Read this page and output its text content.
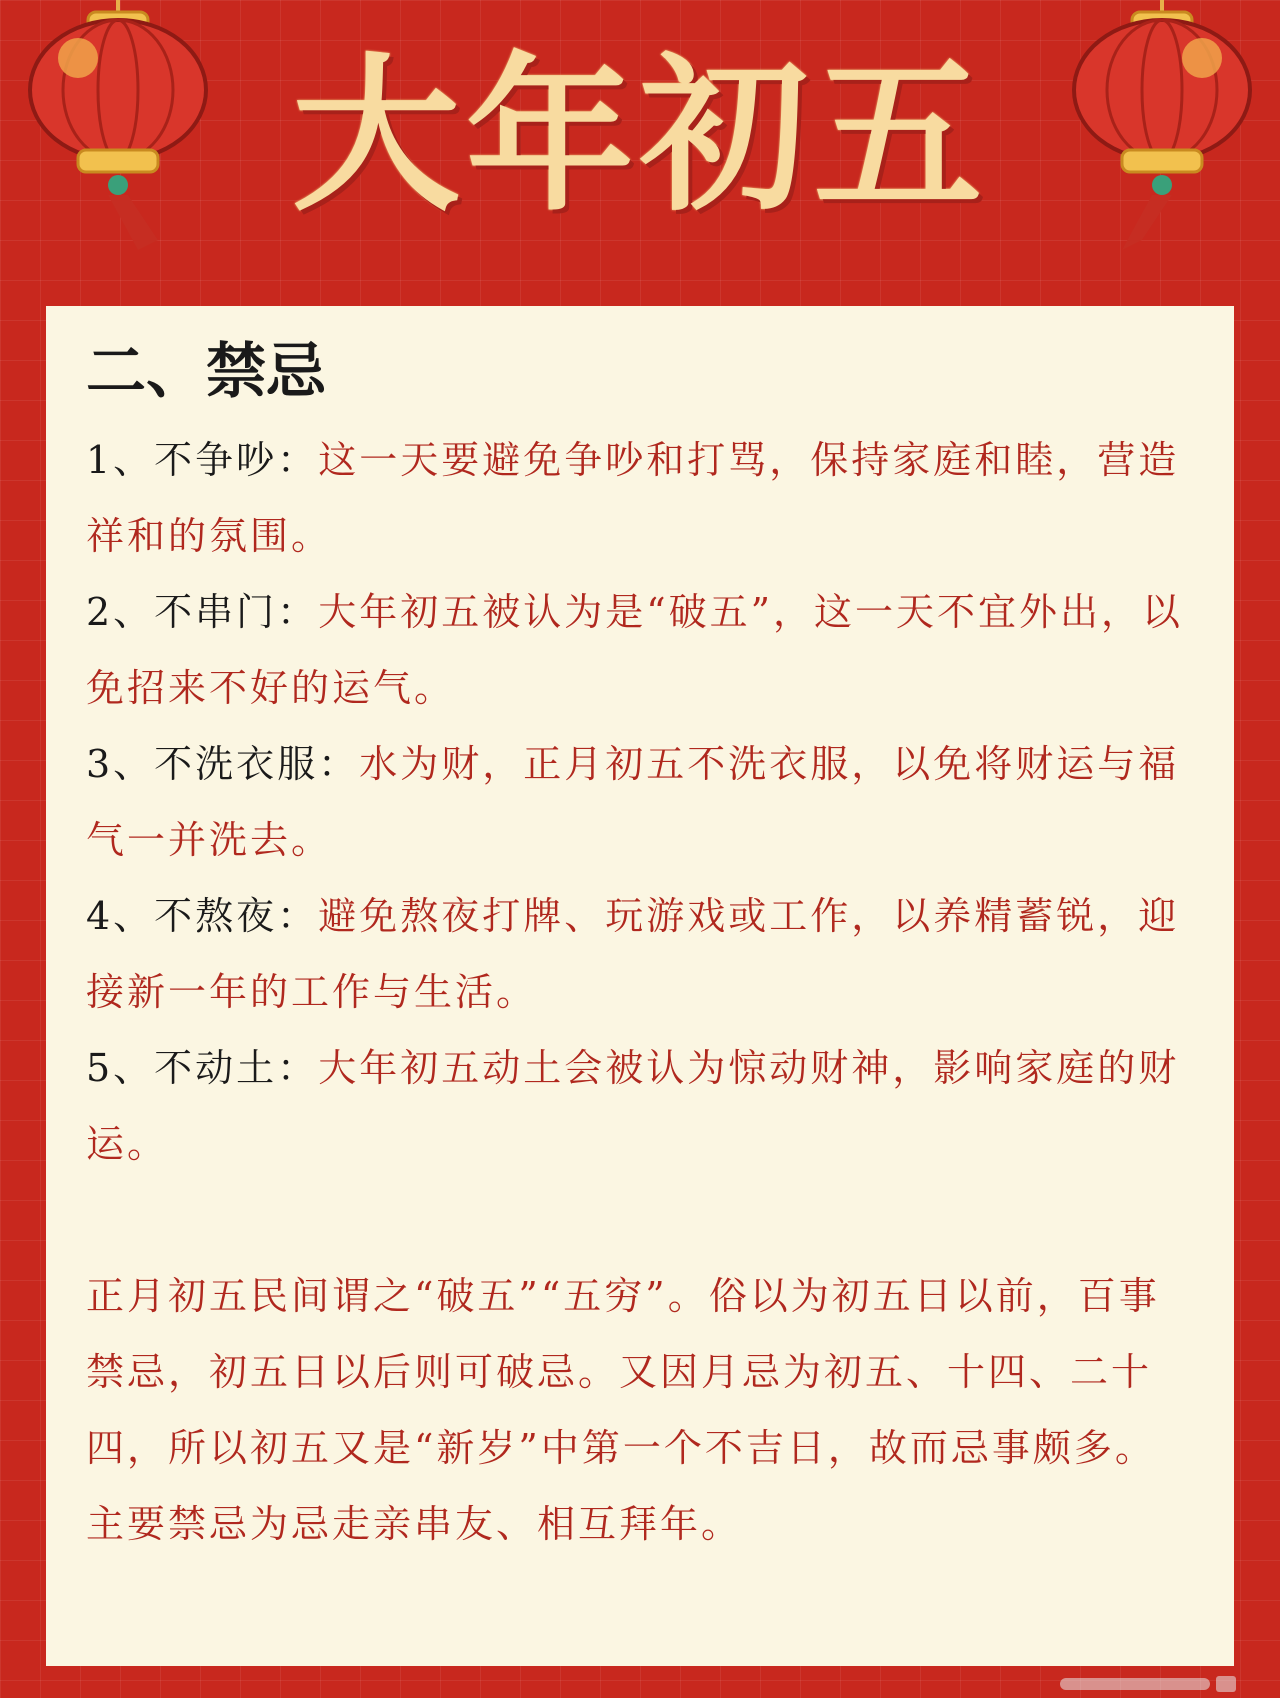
大年初五
二、禁忌

1、不争吵：这一天要避免争吵和打骂，保持家庭和睦，营造祥和的氛围。

2、不串门：大年初五被认为是“破五”，这一天不宜外出，以免招来不好的运气。

3、不洗衣服：水为财，正月初五不洗衣服，以免将财运与福气一并洗去。

4、不熬夜：避免熬夜打牌、玩游戏或工作，以养精蓄锐，迎接新一年的工作与生活。

5、不动土：大年初五动土会被认为惊动财神，影响家庭的财运。

正月初五民间谓之“破五”“五穷”。俗以为初五日以前，百事禁忌，初五日以后则可破忌。又因月忌为初五、十四、二十四，所以初五又是“新岁”中第一个不吉日，故而忌事颇多。主要禁忌为忌走亲串友、相互拜年。
